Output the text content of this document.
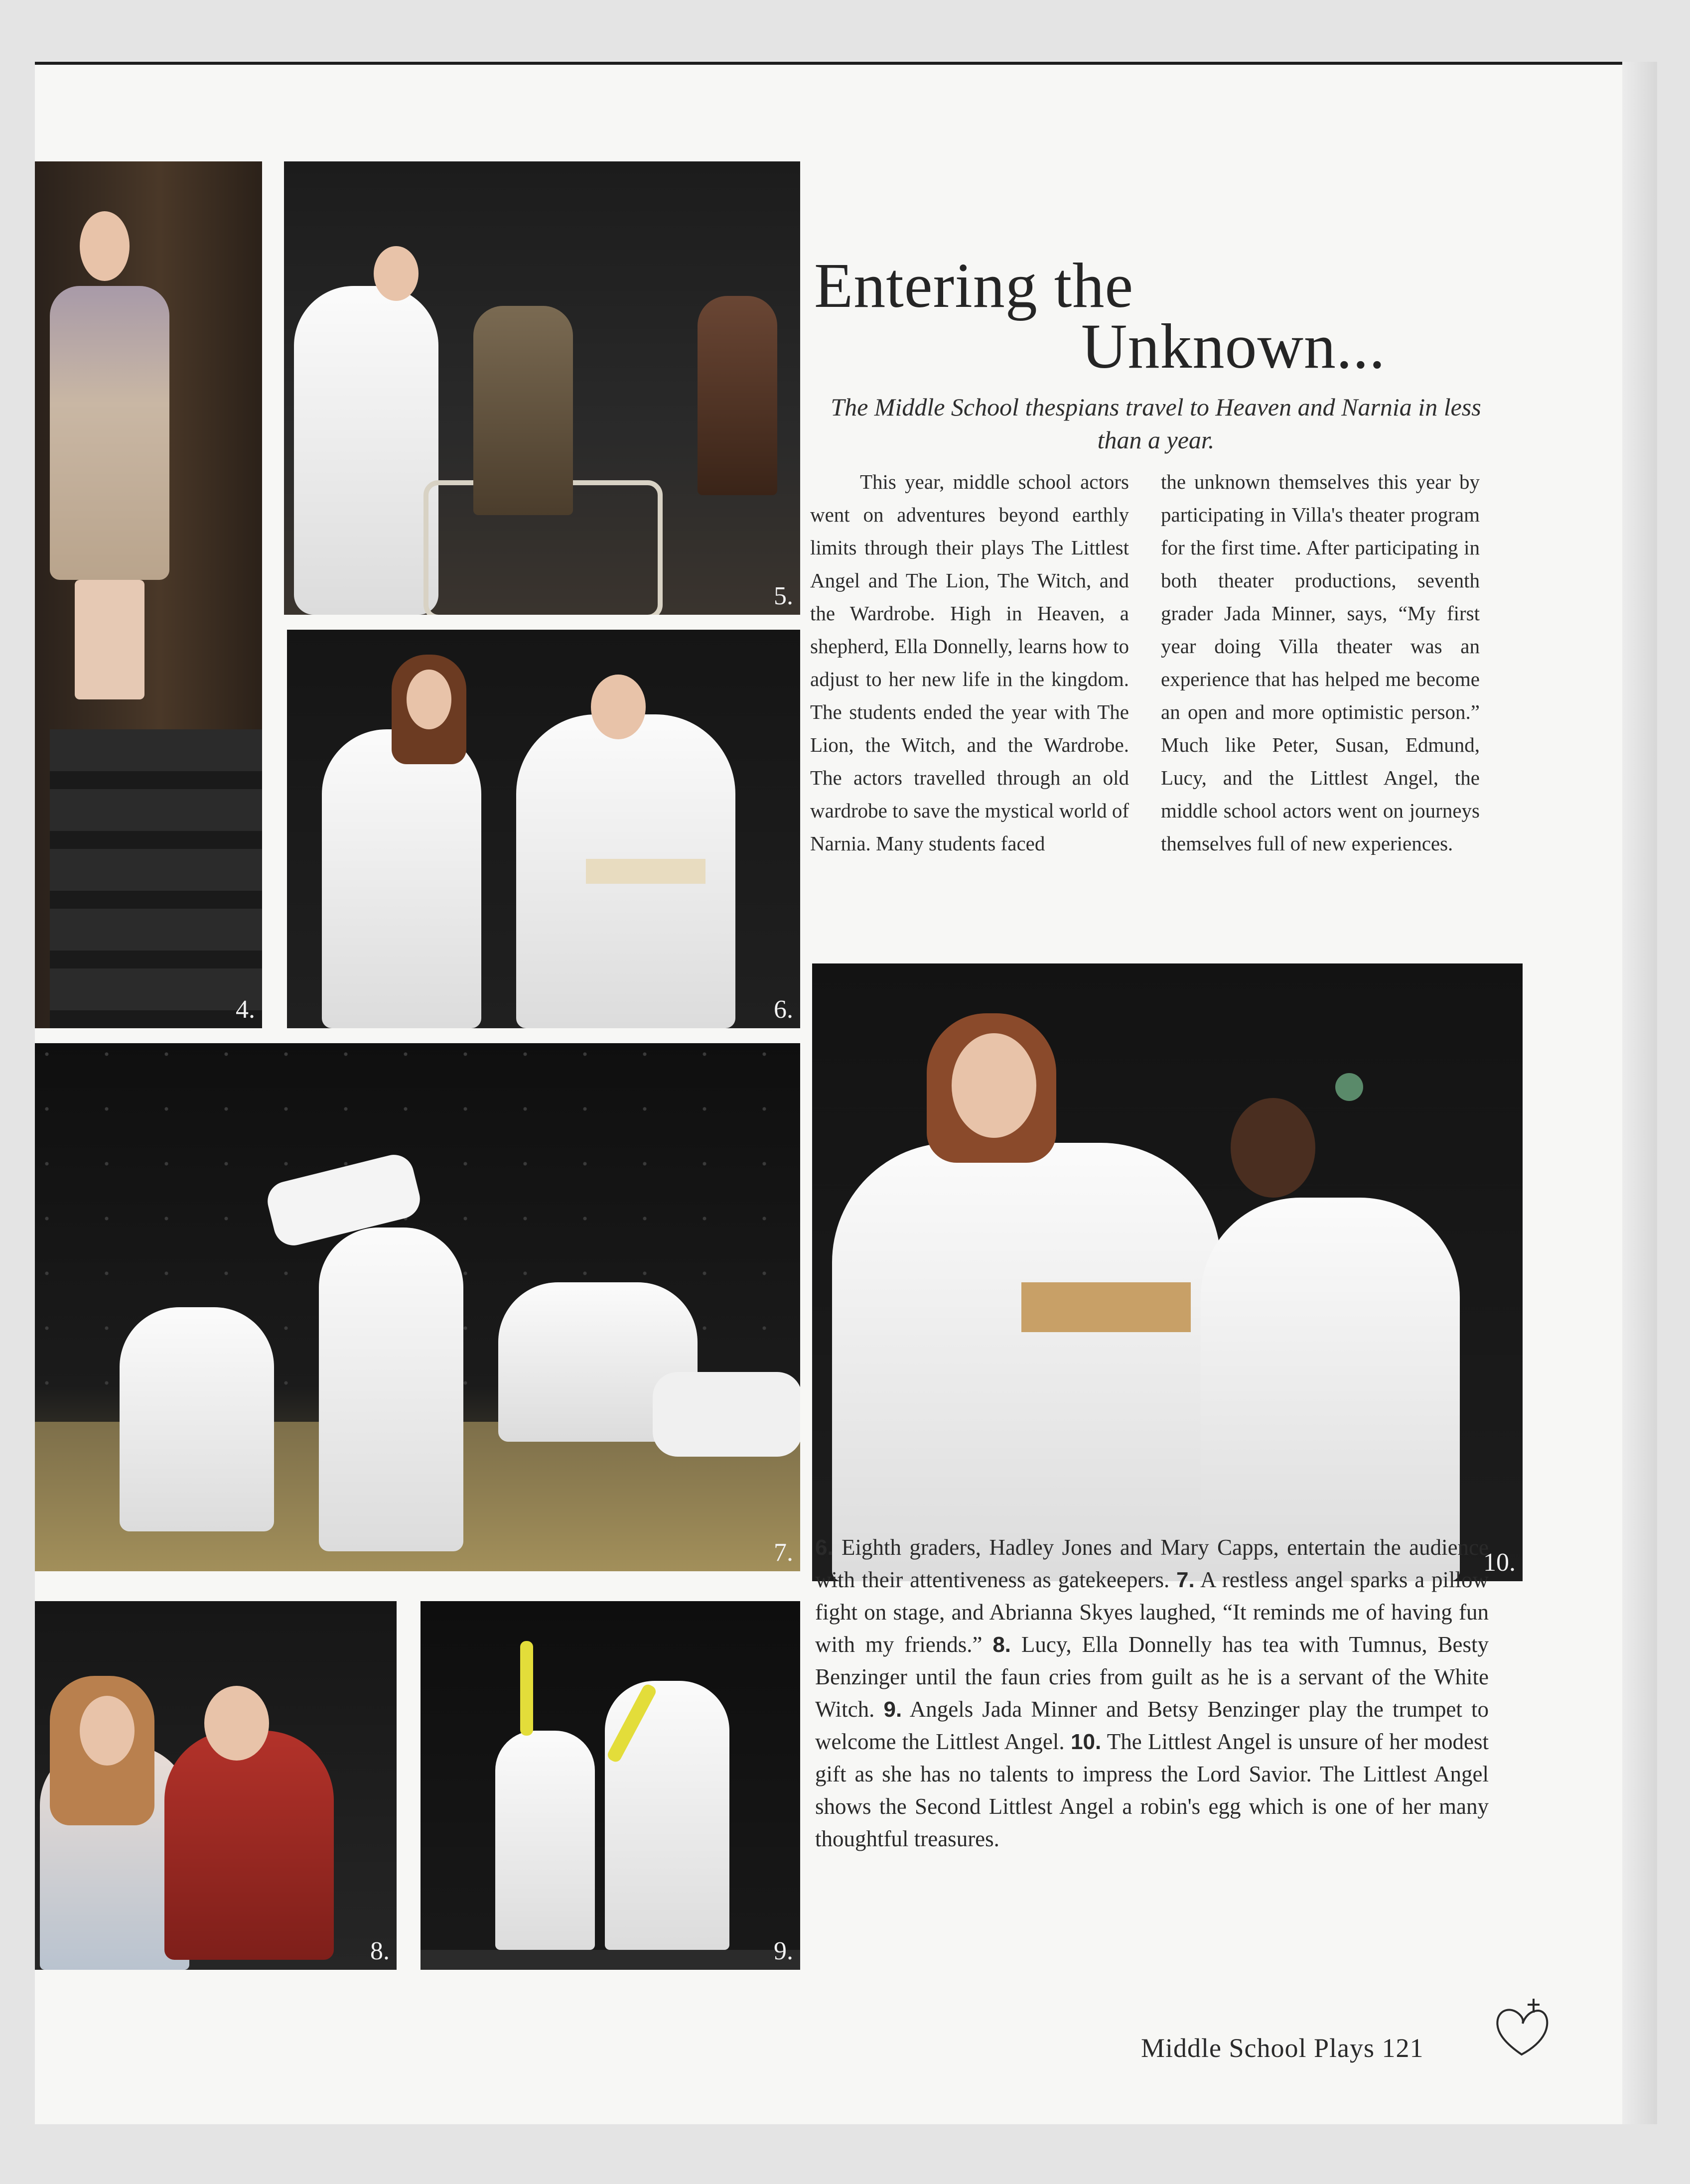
4.
5.
6.
7.
8.	9.
10.
Entering the
Unknown...
The Middle School thespians travel to Heaven and Narnia in less than a year.
This year, middle school actors went on adventures beyond earthly limits through their plays The Littlest Angel and The Lion, The Witch, and the Wardrobe. High in Heaven, a shepherd, Ella Donnelly, learns how to adjust to her new life in the kingdom. The students ended the year with The Lion, the Witch, and the Wardrobe. The actors travelled through an old wardrobe to save the mystical world of Narnia. Many students faced
the unknown themselves this year by participating in Villa's theater program for the first time. After participating in both theater productions, seventh grader Jada Minner, says, “My first year doing Villa theater was an experience that has helped me become an open and more optimistic person.” Much like Peter, Susan, Edmund, Lucy, and the Littlest Angel, the middle school actors went on journeys themselves full of new experiences.
6. Eighth graders, Hadley Jones and Mary Capps, entertain the audience with their attentiveness as gatekeepers. 7. A restless angel sparks a pillow fight on stage, and Abrianna Skyes laughed, “It reminds me of having fun with my friends.” 8. Lucy, Ella Donnelly has tea with Tumnus, Besty Benzinger until the faun cries from guilt as he is a servant of the White Witch. 9. Angels Jada Minner and Betsy Benzinger play the trumpet to welcome the Littlest Angel. 10. The Littlest Angel is unsure of her modest gift as she has no talents to impress the Lord Savior. The Littlest Angel shows the Second Littlest Angel a robin's egg which is one of her many thoughtful treasures.
Middle School Plays 121
